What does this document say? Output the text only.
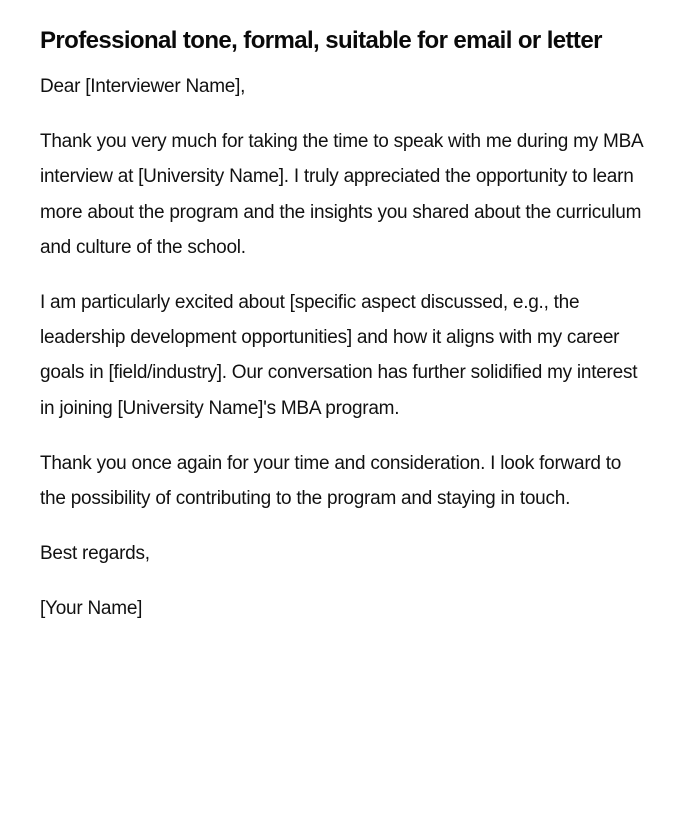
Professional tone, formal, suitable for email or letter

Dear [Interviewer Name],

Thank you very much for taking the time to speak with me during my MBA interview at [University Name]. I truly appreciated the opportunity to learn more about the program and the insights you shared about the curriculum and culture of the school.

I am particularly excited about [specific aspect discussed, e.g., the leadership development opportunities] and how it aligns with my career goals in [field/industry]. Our conversation has further solidified my interest in joining [University Name]'s MBA program.

Thank you once again for your time and consideration. I look forward to the possibility of contributing to the program and staying in touch.

Best regards,

[Your Name]
